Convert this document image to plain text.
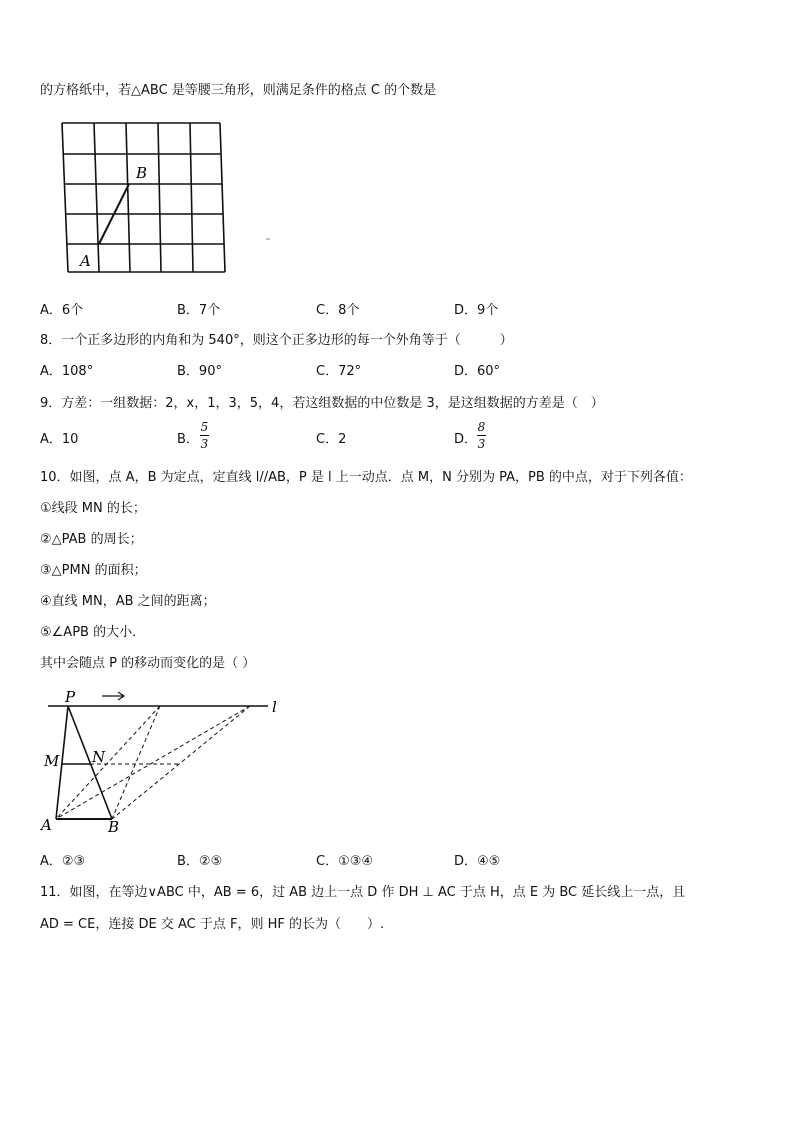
的方格纸中，若△ABC 是等腰三角形，则满足条件的格点 C 的个数是
B
A
A．6个	B．7个	C．8个	D．9个
8．一个正多边形的内角和为 540°，则这个正多边形的每一个外角等于（　　　）
A．108°	B．90°	C．72°	D．60°
9．方差：一组数据：2，x，1，3，5，4，若这组数据的中位数是 3，是这组数据的方差是（　）
A．10	B．
5
3	C．2	D．
8
3
10．如图，点 A，B 为定点，定直线 l//AB，P 是 l 上一动点．点 M，N 分别为 PA，PB 的中点，对于下列各值：
①线段 MN 的长；
②△PAB 的周长；
③△PMN 的面积；
④直线 MN，AB 之间的距离；
⑤∠APB 的大小．
其中会随点 P 的移动而变化的是（ ）
P
l
M N
A	B
A．②③	B．②⑤	C．①③④	D．④⑤
11．如图，在等边∨ABC 中，AB = 6，过 AB 边上一点 D 作 DH ⊥ AC 于点 H，点 E 为 BC 延长线上一点，且
AD = CE，连接 DE 交 AC 于点 F，则 HF 的长为（　　）.
